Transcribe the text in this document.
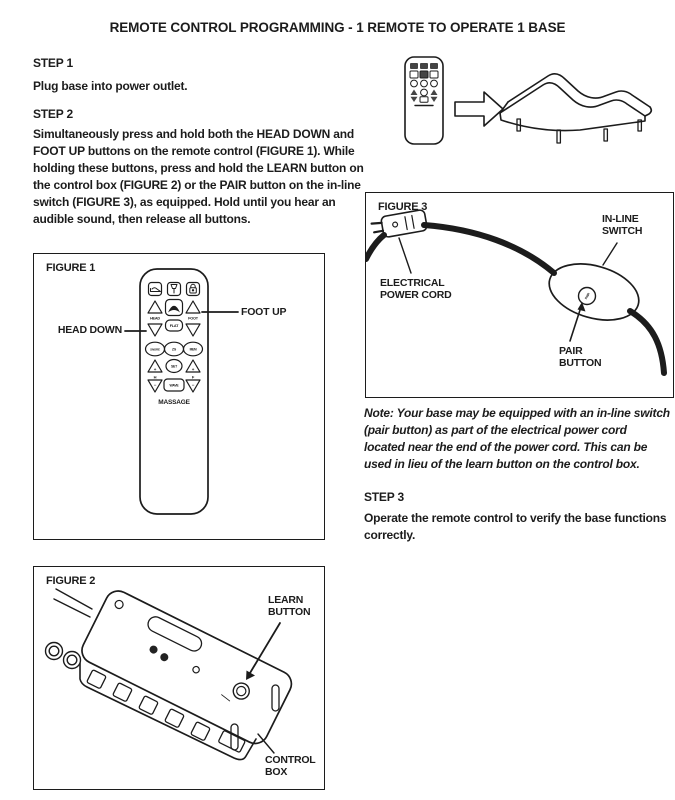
REMOTE CONTROL PROGRAMMING - 1 REMOTE TO OPERATE 1 BASE
STEP 1
Plug base into power outlet.
STEP 2
Simultaneously press and hold both the HEAD DOWN and FOOT UP buttons on the remote control (FIGURE 1). While holding these buttons, press and hold the LEARN button on the control box (FIGURE 2) or the PAIR button on the in-line switch (FIGURE 3), as equipped. Hold until you hear an audible sound, then release all buttons.
HEAD	FOOT
FLAT
SNORE	ZG	MEM
+
SET
+
H	F
−	WAVE	−
MASSAGE
FIGURE 1
HEAD DOWN
FOOT UP
PAIR
FIGURE 3
IN-LINE SWITCH
ELECTRICAL POWER CORD
PAIR BUTTON
Note: Your base may be equipped with an in-line switch (pair button) as part of the electrical power cord located near the end of the power cord. This can be used in lieu of the learn button on the control box.
STEP 3
Operate the remote control to verify the base functions correctly.
FIGURE 2
LEARN BUTTON
CONTROL BOX
